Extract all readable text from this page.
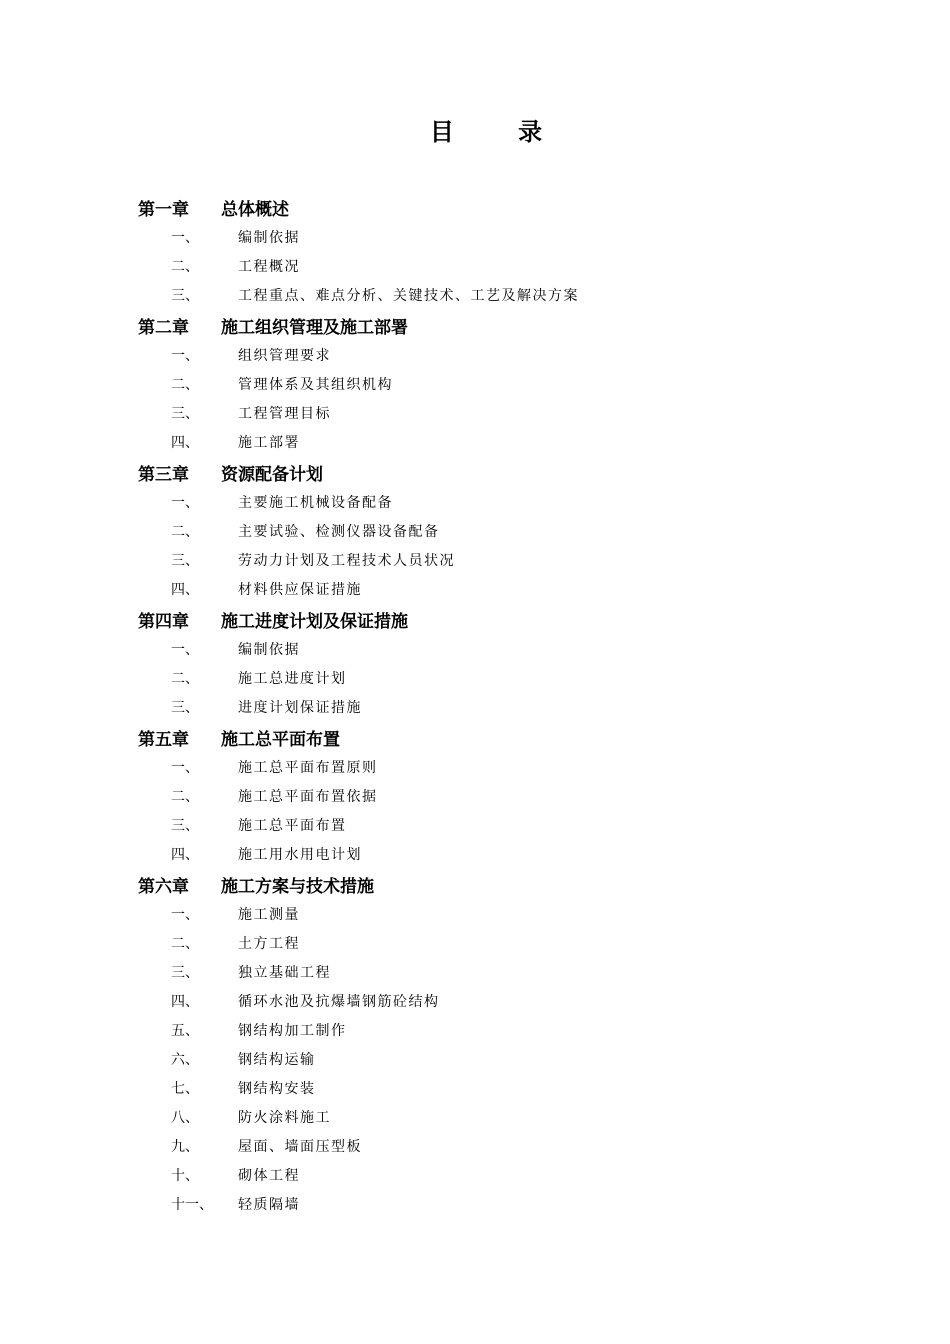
目 录
第一章 总体概述
一、	编制依据
二、	工程概况
三、	工程重点、难点分析、关键技术、工艺及解决方案
第二章 施工组织管理及施工部署
一、	组织管理要求
二、	管理体系及其组织机构
三、	工程管理目标
四、	施工部署
第三章 资源配备计划
一、	主要施工机械设备配备
二、	主要试验、检测仪器设备配备
三、	劳动力计划及工程技术人员状况
四、	材料供应保证措施
第四章 施工进度计划及保证措施
一、	编制依据
二、	施工总进度计划
三、	进度计划保证措施
第五章 施工总平面布置
一、	施工总平面布置原则
二、	施工总平面布置依据
三、	施工总平面布置
四、	施工用水用电计划
第六章 施工方案与技术措施
一、	施工测量
二、	土方工程
三、	独立基础工程
四、	循环水池及抗爆墙钢筋砼结构
五、	钢结构加工制作
六、	钢结构运输
七、	钢结构安装
八、	防火涂料施工
九、	屋面、墙面压型板
十、	砌体工程
十一、 轻质隔墙
